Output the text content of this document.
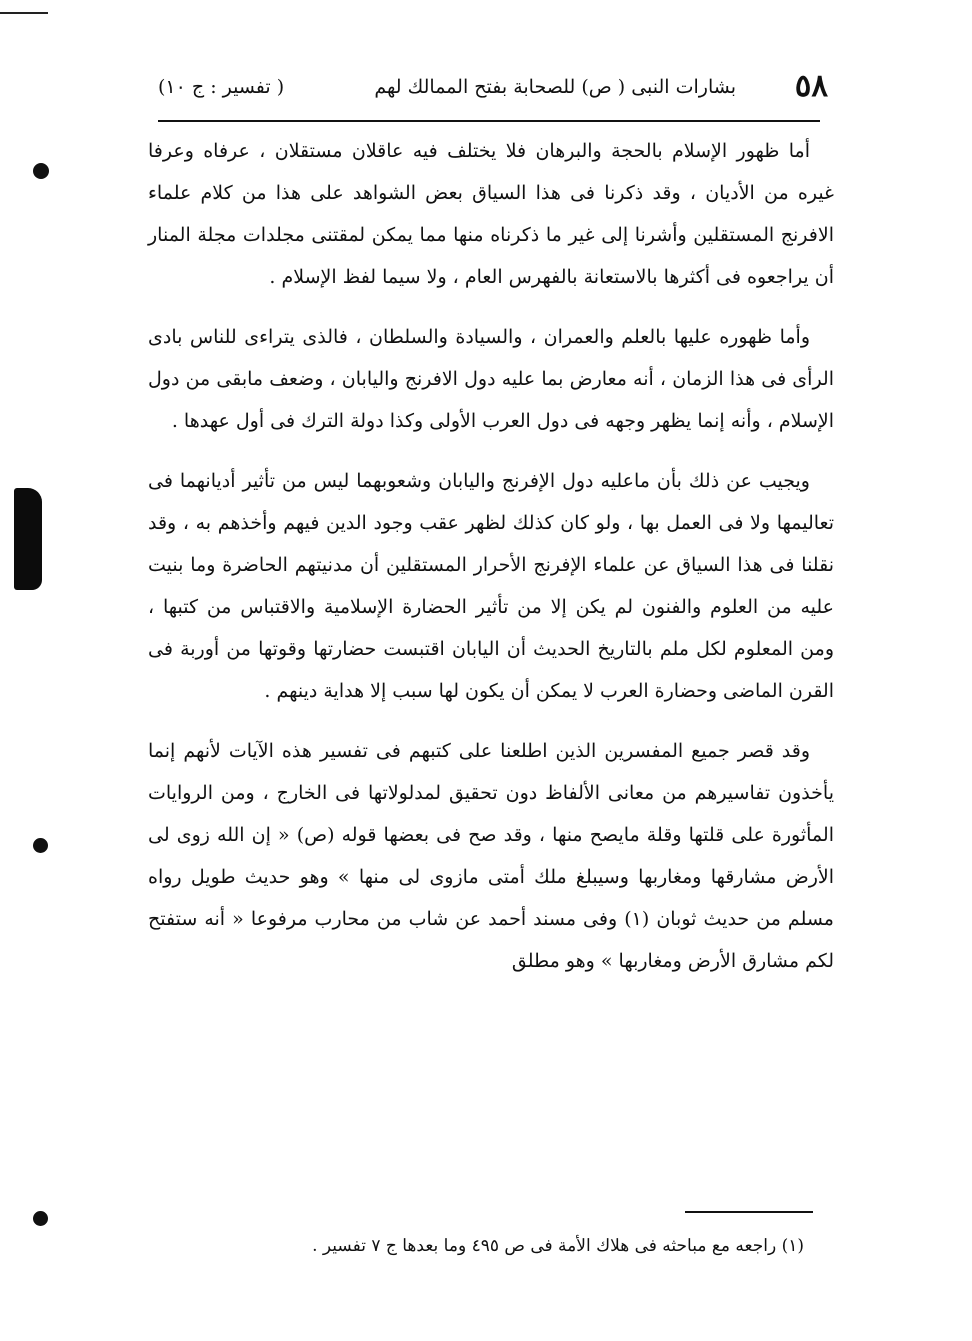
٥٨
بشارات النبى ( ص) للصحابة بفتح الممالك لهم
( تفسير : ج ١٠)

أما ظهور الإسلام بالحجة والبرهان فلا يختلف فيه عاقلان مستقلان ، عرفاه وعرفا غيره من الأديان ، وقد ذكرنا فى هذا السياق بعض الشواهد على هذا من كلام علماء الافرنج المستقلين وأشرنا إلى غير ما ذكرناه منها مما يمكن لمقتنى مجلدات مجلة المنار أن يراجعوه فى أكثرها بالاستعانة بالفهرس العام ، ولا سيما لفظ الإسلام .

وأما ظهوره عليها بالعلم والعمران ، والسيادة والسلطان ، فالذى يتراءى للناس بادى الرأى فى هذا الزمان ، أنه معارض بما عليه دول الافرنج واليابان ، وضعف مابقى من دول الإسلام ، وأنه إنما يظهر وجهه فى دول العرب الأولى وكذا دولة الترك فى أول عهدها .

ويجيب عن ذلك بأن ماعليه دول الإفرنج واليابان وشعوبهما ليس من تأثير أديانهما فى تعاليمها ولا فى العمل بها ، ولو كان كذلك لظهر عقب وجود الدين فيهم وأخذهم به ، وقد نقلنا فى هذا السياق عن علماء الإفرنج الأحرار المستقلين أن مدنيتهم الحاضرة وما بنيت عليه من العلوم والفنون لم يكن إلا من تأثير الحضارة الإسلامية والاقتباس من كتبها ، ومن المعلوم لكل ملم بالتاريخ الحديث أن اليابان اقتبست حضارتها وقوتها من أوربة فى القرن الماضى وحضارة العرب لا يمكن أن يكون لها سبب إلا هداية دينهم .

وقد قصر جميع المفسرين الذين اطلعنا على كتبهم فى تفسير هذه الآيات لأنهم إنما يأخذون تفاسيرهم من معانى الألفاظ دون تحقيق لمدلولاتها فى الخارج ، ومن الروايات المأثورة على قلتها وقلة مايصح منها ، وقد صح فى بعضها قوله (ص) « إن الله زوى لى الأرض مشارقها ومغاربها وسيبلغ ملك أمتى مازوى لى منها » وهو حديث طويل رواه مسلم من حديث ثوبان (١) وفى مسند أحمد عن شاب من محارب مرفوعا « أنه ستفتح لكم مشارق الأرض ومغاربها » وهو مطلق

(١) راجعه مع مباحثه فى هلاك الأمة فى ص ٤٩٥ وما بعدها ج ٧ تفسير .
